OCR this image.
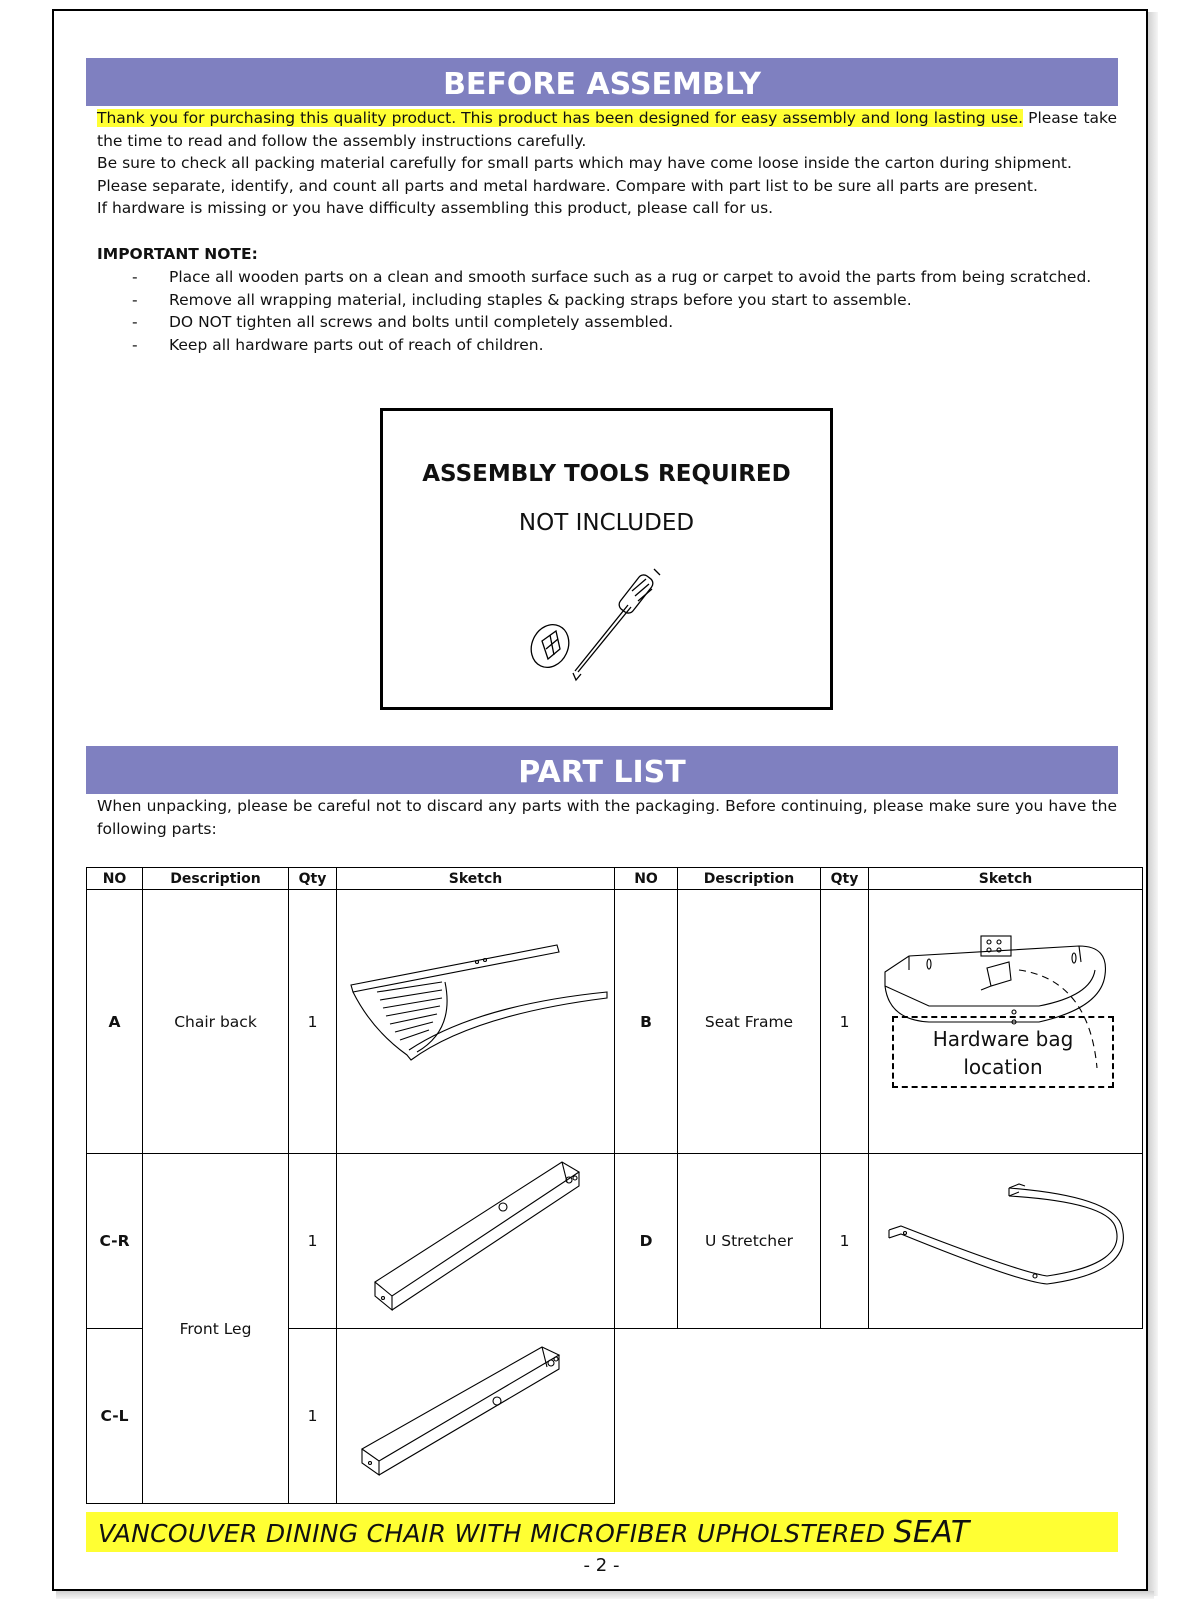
BEFORE ASSEMBLY
Thank you for purchasing this quality product. This product has been designed for easy assembly and long lasting use. Please take the time to read and follow the assembly instructions carefully.
Be sure to check all packing material carefully for small parts which may have come loose inside the carton during shipment.
Please separate, identify, and count all parts and metal hardware. Compare with part list to be sure all parts are present.
If hardware is missing or you have difficulty assembling this product, please call for us.
IMPORTANT NOTE:
- Place all wooden parts on a clean and smooth surface such as a rug or carpet to avoid the parts from being scratched.
- Remove all wrapping material, including staples & packing straps before you start to assemble.
- DO NOT tighten all screws and bolts until completely assembled.
- Keep all hardware parts out of reach of children.
ASSEMBLY TOOLS REQUIRED
NOT INCLUDED
PART LIST
When unpacking, please be careful not to discard any parts with the packaging. Before continuing, please make sure you have the following parts:
NO	Description	Qty	Sketch	NO	Description	Qty	Sketch
A	Chair back	1		B	Seat Frame	1	Hardware bag location

C-R	Front Leg	1		D	U Stretcher	1	
C-L		1		
VANCOUVER DINING CHAIR WITH MICROFIBER UPHOLSTERED SEAT
- 2 -
